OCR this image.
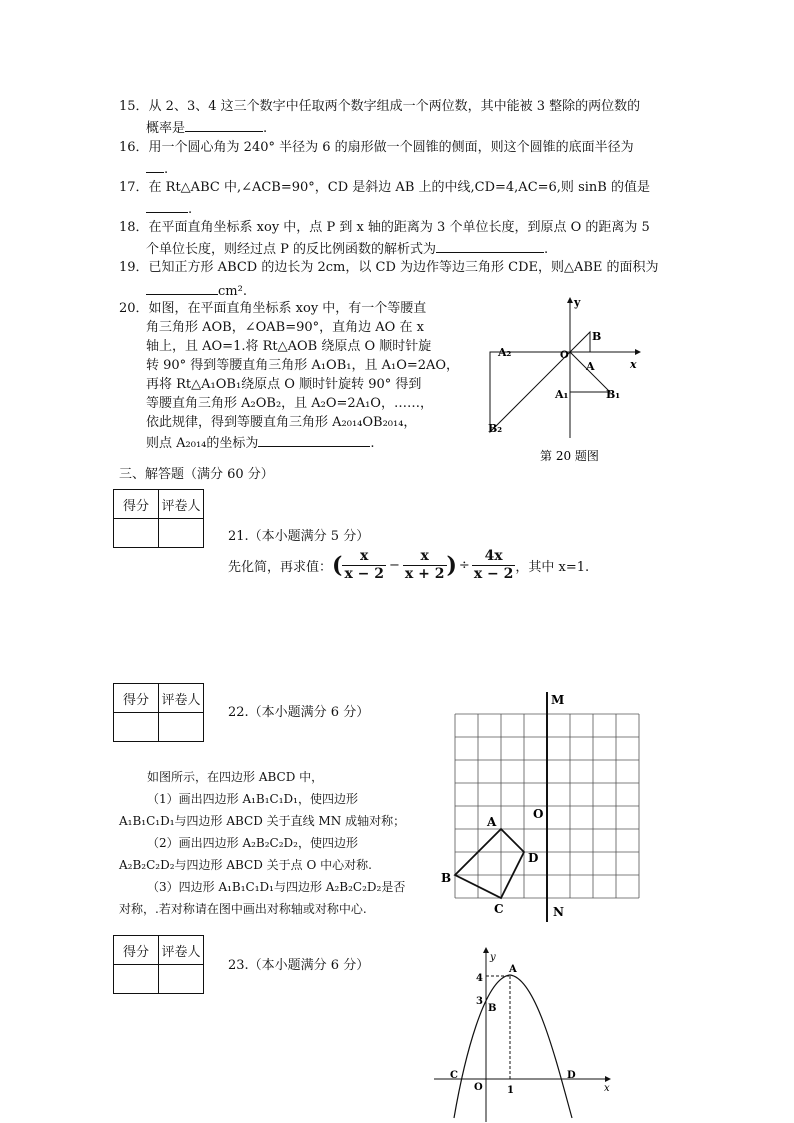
15．从 2、3、4 这三个数字中任取两个数字组成一个两位数，其中能被 3 整除的两位数的
概率是	.
16．用一个圆心角为 240° 半径为 6 的扇形做一个圆锥的侧面，则这个圆锥的底面半径为
.
17．在 Rt△ABC 中,∠ACB=90°，CD 是斜边 AB 上的中线,CD=4,AC=6,则 sinB 的值是
.
18．在平面直角坐标系 xoy 中，点 P 到 x 轴的距离为 3 个单位长度，到原点 O 的距离为 5
个单位长度，则经过点 P 的反比例函数的解析式为	.
19．已知正方形 ABCD 的边长为 2cm，以 CD 为边作等边三角形 CDE，则△ABE 的面积为
cm².
20．如图，在平面直角坐标系 xoy 中，有一个等腰直
角三角形 AOB，∠OAB=90°，直角边 AO 在 x
轴上，且 AO=1.将 Rt△AOB 绕原点 O 顺时针旋
转 90° 得到等腰直角三角形 A₁OB₁，且 A₁O=2AO，
再将 Rt△A₁OB₁绕原点 O 顺时针旋转 90° 得到
等腰直角三角形 A₂OB₂，且 A₂O=2A₁O，……，
依此规律，得到等腰直角三角形 A₂₀₁₄OB₂₀₁₄，
则点 A₂₀₁₄的坐标为	.
y
x
O
A
B
A₁	B₁
A₂
B₂
第 20 题图
三、解答题（满分 60 分）
得分	评卷人

21.（本小题满分 5 分）
先化简，再求值：( $\frac{x}{x - 2} - \frac{x}{x + 2}$ ) ÷ $\frac{4x}{x - 2}$ ，其中 x=1.
得分	评卷人

22.（本小题满分 6 分）
如图所示，在四边形 ABCD 中，
（1）画出四边形 A₁B₁C₁D₁，使四边形
A₁B₁C₁D₁与四边形 ABCD 关于直线 MN 成轴对称；
（2）画出四边形 A₂B₂C₂D₂，使四边形
A₂B₂C₂D₂与四边形 ABCD 关于点 O 中心对称.
（3）四边形 A₁B₁C₁D₁与四边形 A₂B₂C₂D₂是否
对称，.若对称请在图中画出对称轴或对称中心.
M
N
O
A
B
C
D
得分	评卷人

23.（本小题满分 6 分）
y
x
4
3
A
B
C	D
O 1
